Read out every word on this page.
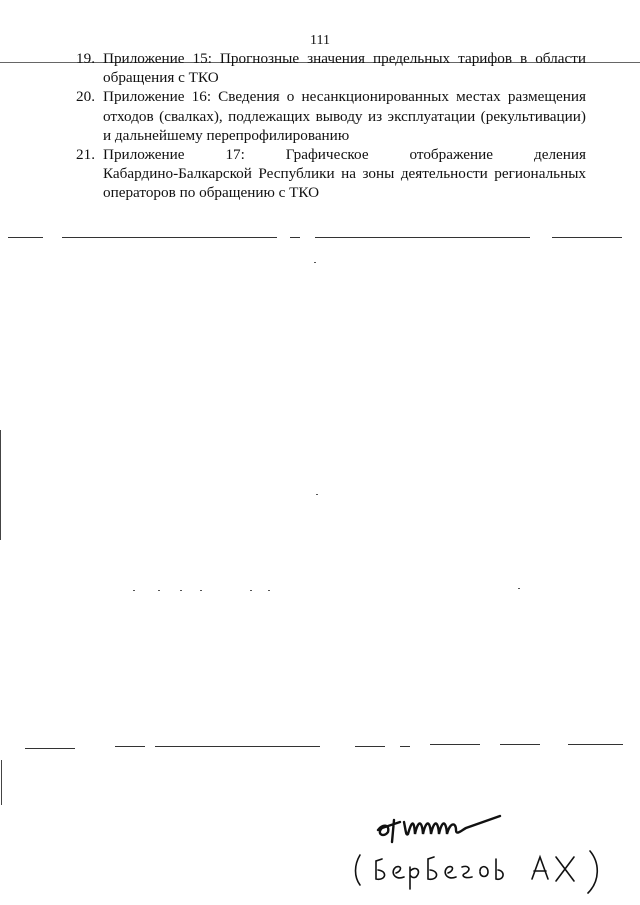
111
19. Приложение 15: Прогнозные значения предельных тарифов в области обращения с ТКО
20. Приложение 16: Сведения о несанкционированных местах размещения отходов (свалках), подлежащих выводу из эксплуатации (рекультивации) и дальнейшему перепрофилированию
21. Приложение 17: Графическое отображение деления
Кабардино-Балкарской Республики на зоны деятельности региональных операторов по обращению с ТКО
